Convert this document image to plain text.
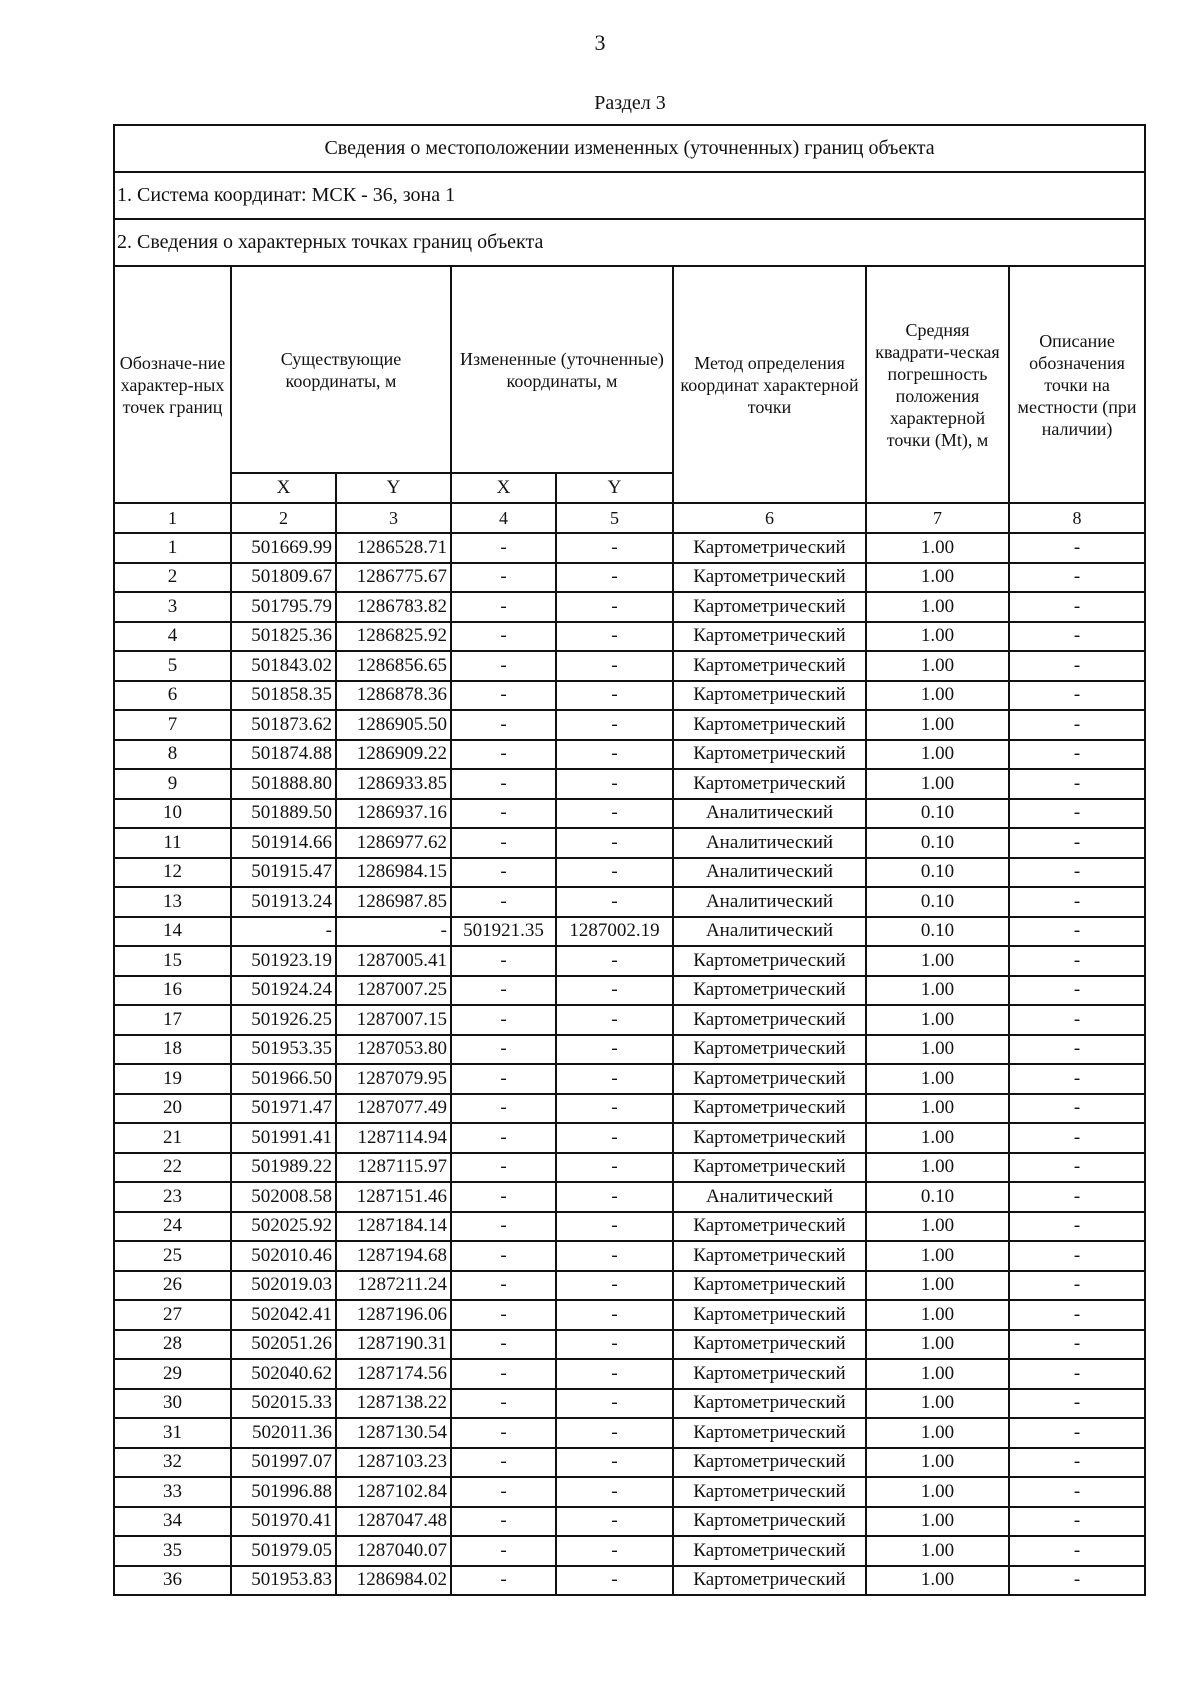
3
Раздел 3
Сведения о местоположении измененных (уточненных) границ объекта							
1. Система координат: МСК - 36, зона 1							
2. Сведения о характерных точках границ объекта							
Обозначе-ние характер-ных точек границ	Существующие координаты, м		Измененные (уточненные) координаты, м		Метод определения координат характерной точки	Средняя квадрати-ческая погрешность положения характерной точки (Mt), м	Описание обозначения точки на местности (при наличии)
	X	Y	X	Y			
1	2	3	4	5	6	7	8
1	501669.99	1286528.71	-	-	Картометрический	1.00	-
2	501809.67	1286775.67	-	-	Картометрический	1.00	-
3	501795.79	1286783.82	-	-	Картометрический	1.00	-
4	501825.36	1286825.92	-	-	Картометрический	1.00	-
5	501843.02	1286856.65	-	-	Картометрический	1.00	-
6	501858.35	1286878.36	-	-	Картометрический	1.00	-
7	501873.62	1286905.50	-	-	Картометрический	1.00	-
8	501874.88	1286909.22	-	-	Картометрический	1.00	-
9	501888.80	1286933.85	-	-	Картометрический	1.00	-
10	501889.50	1286937.16	-	-	Аналитический	0.10	-
11	501914.66	1286977.62	-	-	Аналитический	0.10	-
12	501915.47	1286984.15	-	-	Аналитический	0.10	-
13	501913.24	1286987.85	-	-	Аналитический	0.10	-
14	-	-	501921.35	1287002.19	Аналитический	0.10	-
15	501923.19	1287005.41	-	-	Картометрический	1.00	-
16	501924.24	1287007.25	-	-	Картометрический	1.00	-
17	501926.25	1287007.15	-	-	Картометрический	1.00	-
18	501953.35	1287053.80	-	-	Картометрический	1.00	-
19	501966.50	1287079.95	-	-	Картометрический	1.00	-
20	501971.47	1287077.49	-	-	Картометрический	1.00	-
21	501991.41	1287114.94	-	-	Картометрический	1.00	-
22	501989.22	1287115.97	-	-	Картометрический	1.00	-
23	502008.58	1287151.46	-	-	Аналитический	0.10	-
24	502025.92	1287184.14	-	-	Картометрический	1.00	-
25	502010.46	1287194.68	-	-	Картометрический	1.00	-
26	502019.03	1287211.24	-	-	Картометрический	1.00	-
27	502042.41	1287196.06	-	-	Картометрический	1.00	-
28	502051.26	1287190.31	-	-	Картометрический	1.00	-
29	502040.62	1287174.56	-	-	Картометрический	1.00	-
30	502015.33	1287138.22	-	-	Картометрический	1.00	-
31	502011.36	1287130.54	-	-	Картометрический	1.00	-
32	501997.07	1287103.23	-	-	Картометрический	1.00	-
33	501996.88	1287102.84	-	-	Картометрический	1.00	-
34	501970.41	1287047.48	-	-	Картометрический	1.00	-
35	501979.05	1287040.07	-	-	Картометрический	1.00	-
36	501953.83	1286984.02	-	-	Картометрический	1.00	-
